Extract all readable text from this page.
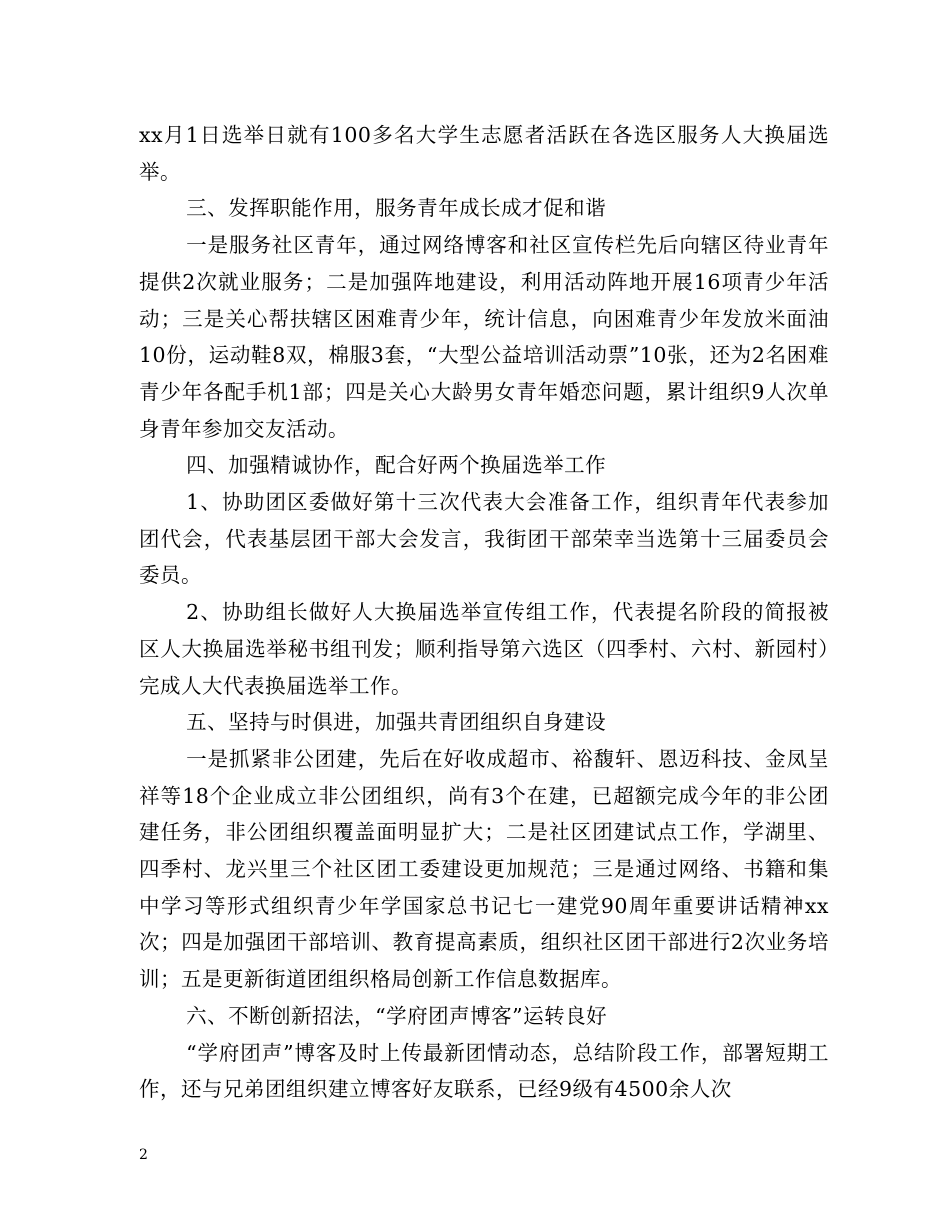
xx月1日选举日就有100多名大学生志愿者活跃在各选区服务人大换届选举。

三、发挥职能作用，服务青年成长成才促和谐

一是服务社区青年，通过网络博客和社区宣传栏先后向辖区待业青年提供2次就业服务；二是加强阵地建设，利用活动阵地开展16项青少年活动；三是关心帮扶辖区困难青少年，统计信息，向困难青少年发放米面油10份，运动鞋8双，棉服3套，“大型公益培训活动票”10张，还为2名困难青少年各配手机1部；四是关心大龄男女青年婚恋问题，累计组织9人次单身青年参加交友活动。

四、加强精诚协作，配合好两个换届选举工作

1、协助团区委做好第十三次代表大会准备工作，组织青年代表参加团代会，代表基层团干部大会发言，我街团干部荣幸当选第十三届委员会委员。

2、协助组长做好人大换届选举宣传组工作，代表提名阶段的简报被区人大换届选举秘书组刊发；顺利指导第六选区（四季村、六村、新园村）完成人大代表换届选举工作。

五、坚持与时俱进，加强共青团组织自身建设

一是抓紧非公团建，先后在好收成超市、裕馥轩、恩迈科技、金凤呈祥等18个企业成立非公团组织，尚有3个在建，已超额完成今年的非公团建任务，非公团组织覆盖面明显扩大；二是社区团建试点工作，学湖里、四季村、龙兴里三个社区团工委建设更加规范；三是通过网络、书籍和集中学习等形式组织青少年学国家总书记七一建党90周年重要讲话精神xx次；四是加强团干部培训、教育提高素质，组织社区团干部进行2次业务培训；五是更新街道团组织格局创新工作信息数据库。

六、不断创新招法，“学府团声博客”运转良好

“学府团声”博客及时上传最新团情动态，总结阶段工作，部署短期工作，还与兄弟团组织建立博客好友联系，已经9级有4500余人次

2
